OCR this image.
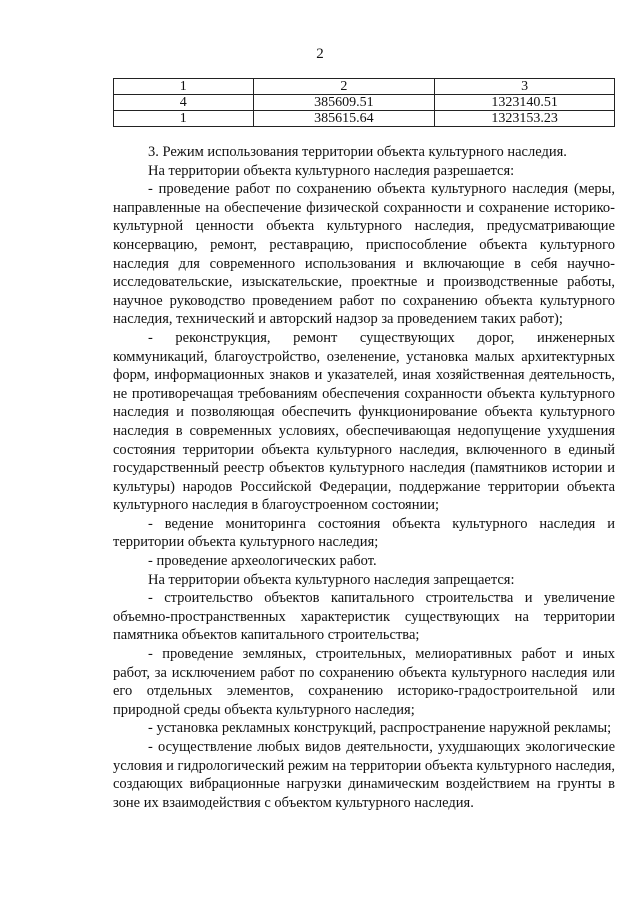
2
1	2	3
4	385609.51	1323140.51
1	385615.64	1323153.23

3. Режим использования территории объекта культурного наследия.

На территории объекта культурного наследия разрешается:

- проведение работ по сохранению объекта культурного наследия (меры, направленные на обеспечение физической сохранности и сохранение историко-культурной ценности объекта культурного наследия, предусматривающие консервацию, ремонт, реставрацию, приспособление объекта культурного наследия для современного использования и включающие в себя научно-исследовательские, изыскательские, проектные и производственные работы, научное руководство проведением работ по сохранению объекта культурного наследия, технический и авторский надзор за проведением таких работ);

- реконструкция, ремонт существующих дорог, инженерных коммуникаций, благоустройство, озеленение, установка малых архитектурных форм, информационных знаков и указателей, иная хозяйственная деятельность, не противоречащая требованиям обеспечения сохранности объекта культурного наследия и позволяющая обеспечить функционирование объекта культурного наследия в современных условиях, обеспечивающая недопущение ухудшения состояния территории объекта культурного наследия, включенного в единый государственный реестр объектов культурного наследия (памятников истории и культуры) народов Российской Федерации, поддержание территории объекта культурного наследия в благоустроенном состоянии;

- ведение мониторинга состояния объекта культурного наследия и территории объекта культурного наследия;

- проведение археологических работ.

На территории объекта культурного наследия запрещается:

- строительство объектов капитального строительства и увеличение объемно-пространственных характеристик существующих на территории памятника объектов капитального строительства;

- проведение земляных, строительных, мелиоративных работ и иных работ, за исключением работ по сохранению объекта культурного наследия или его отдельных элементов, сохранению историко-градостроительной или природной среды объекта культурного наследия;

- установка рекламных конструкций, распространение наружной рекламы;

- осуществление любых видов деятельности, ухудшающих экологические условия и гидрологический режим на территории объекта культурного наследия, создающих вибрационные нагрузки динамическим воздействием на грунты в зоне их взаимодействия с объектом культурного наследия.
